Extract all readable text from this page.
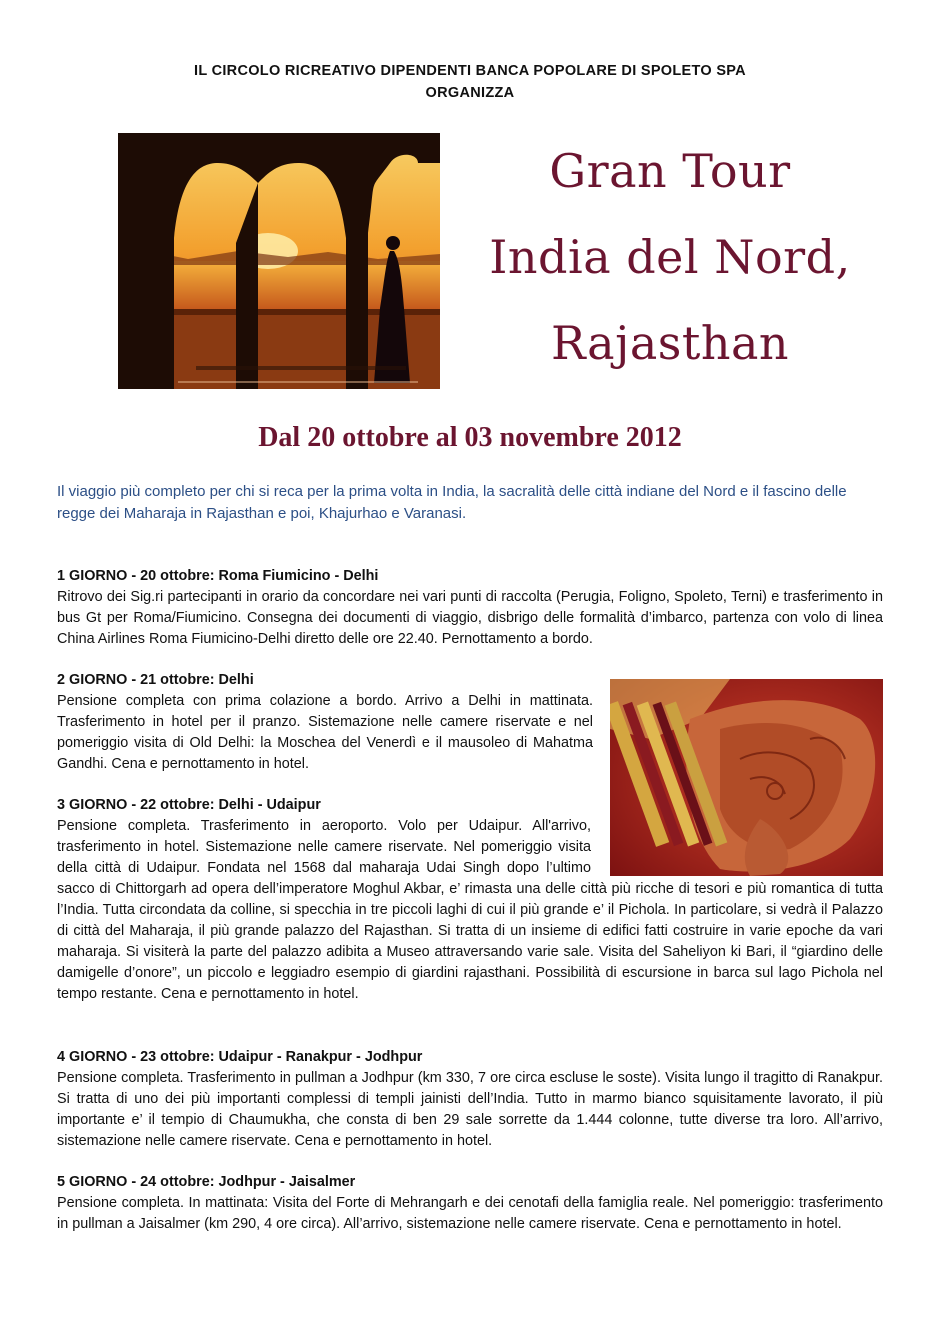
IL CIRCOLO RICREATIVO DIPENDENTI BANCA POPOLARE DI SPOLETO SPA
ORGANIZZA
Gran Tour
India del Nord,
Rajasthan
Dal 20 ottobre al 03 novembre 2012
Il viaggio più completo per chi si reca per la prima volta in India, la sacralità delle città indiane del Nord e il fascino delle regge dei Maharaja in Rajasthan e poi, Khajurhao e Varanasi.
1 GIORNO - 20 ottobre: Roma Fiumicino - Delhi
Ritrovo dei Sig.ri partecipanti in orario da concordare nei vari punti di raccolta (Perugia, Foligno, Spoleto, Terni) e trasferimento in bus Gt per Roma/Fiumicino. Consegna dei documenti di viaggio, disbrigo delle formalità d’imbarco, partenza con volo di linea China Airlines Roma Fiumicino-Delhi diretto delle ore 22.40. Pernottamento a bordo.
2 GIORNO - 21 ottobre: Delhi
Pensione completa con prima colazione a bordo. Arrivo a Delhi in mattinata. Trasferimento in hotel per il pranzo. Sistemazione nelle camere riservate e nel pomeriggio visita di Old Delhi: la Moschea del Venerdì e il mausoleo di Mahatma Gandhi. Cena e pernottamento in hotel.
3 GIORNO - 22 ottobre: Delhi - Udaipur
Pensione completa. Trasferimento in aeroporto. Volo per Udaipur. All'arrivo, trasferimento in hotel. Sistemazione nelle camere riservate. Nel pomeriggio visita della città di Udaipur. Fondata nel 1568 dal maharaja Udai Singh dopo l’ultimo sacco di Chittorgarh ad opera dell’imperatore Moghul Akbar, e’ rimasta una delle città più ricche di tesori e più romantica di tutta l’India. Tutta circondata da colline, si specchia in tre piccoli laghi di cui il più grande e’ il Pichola. In particolare, si vedrà il Palazzo di città del Maharaja, il più grande palazzo del Rajasthan. Si tratta di un insieme di edifici fatti costruire in varie epoche da vari maharaja. Si visiterà la parte del palazzo adibita a Museo attraversando varie sale. Visita del Saheliyon ki Bari, il “giardino delle damigelle d’onore”, un piccolo e leggiadro esempio di giardini rajasthani. Possibilità di escursione in barca sul lago Pichola nel tempo restante. Cena e pernottamento in hotel.
4 GIORNO - 23 ottobre: Udaipur - Ranakpur - Jodhpur
Pensione completa. Trasferimento in pullman a Jodhpur (km 330, 7 ore circa escluse le soste). Visita lungo il tragitto di Ranakpur. Si tratta di uno dei più importanti complessi di templi jainisti dell’India. Tutto in marmo bianco squisitamente lavorato, il più importante e’ il tempio di Chaumukha, che consta di ben 29 sale sorrette da 1.444 colonne, tutte diverse tra loro. All’arrivo, sistemazione nelle camere riservate. Cena e pernottamento in hotel.
5 GIORNO - 24 ottobre: Jodhpur - Jaisalmer
Pensione completa. In mattinata: Visita del Forte di Mehrangarh e dei cenotafi della famiglia reale. Nel pomeriggio: trasferimento in pullman a Jaisalmer (km 290, 4 ore circa). All’arrivo, sistemazione nelle camere riservate. Cena e pernottamento in hotel.
